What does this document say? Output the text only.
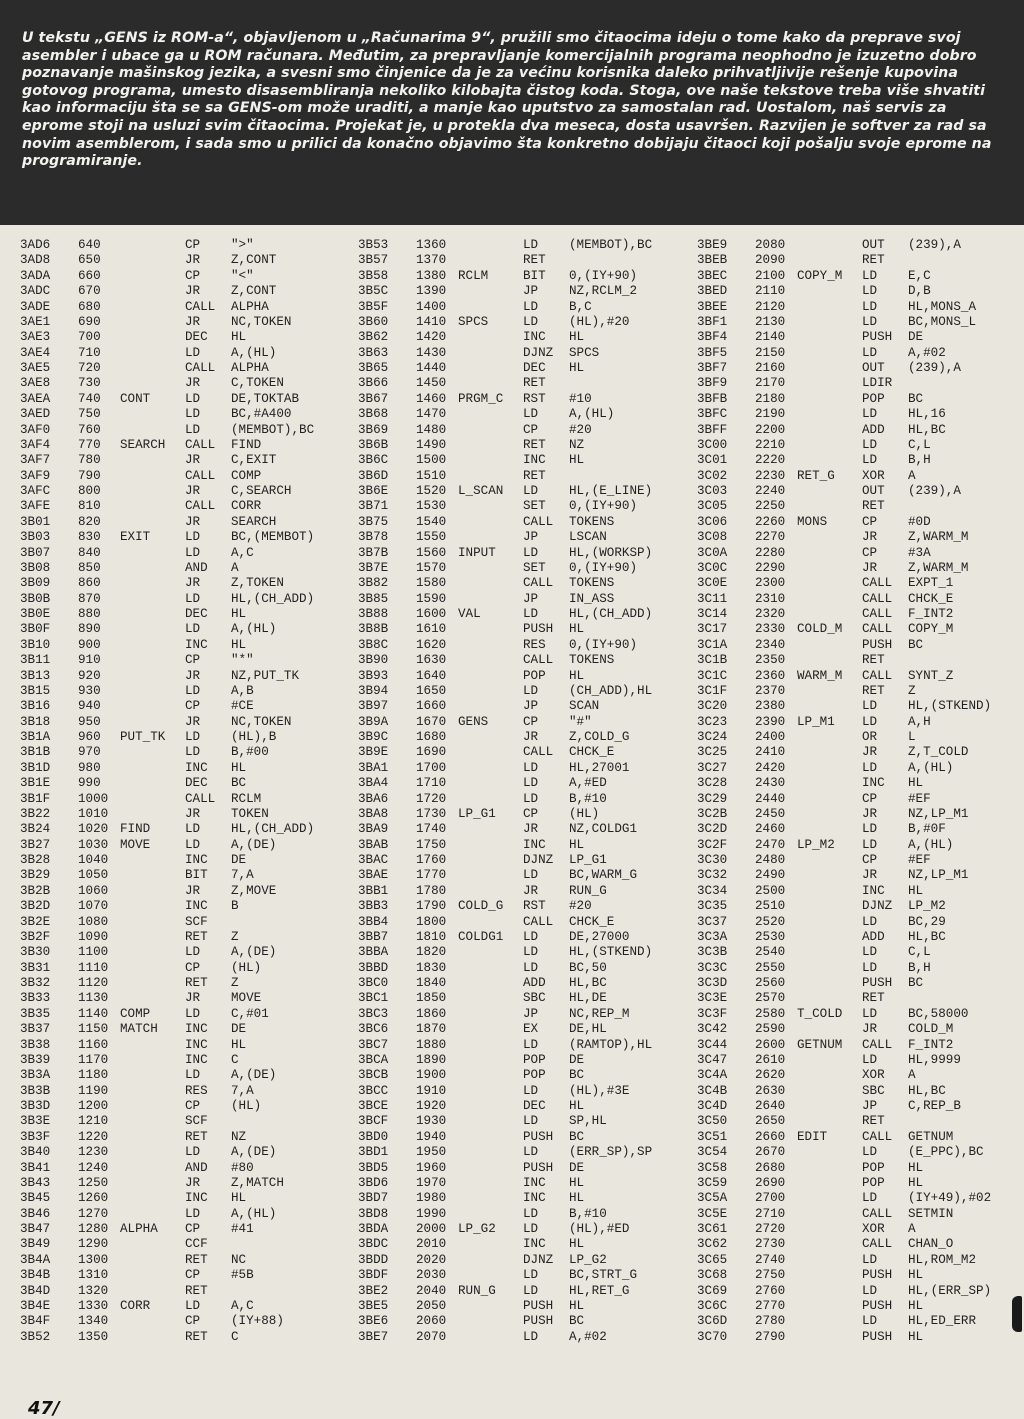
U tekstu „GENS iz ROM-a“, objavljenom u „Računarima 9“, pružili smo čitaocima ideju o tome kako da preprave svoj asembler i ubace ga u ROM računara. Međutim, za prepravljanje komercijalnih programa neophodno je izuzetno dobro poznavanje mašinskog jezika, a svesni smo činjenice da je za većinu korisnika daleko prihvatljivije rešenje kupovina gotovog programa, umesto disasembliranja nekoliko kilobajta čistog koda. Stoga, ove naše tekstove treba više shvatiti kao informaciju šta se sa GENS-om može uraditi, a manje kao uputstvo za samostalan rad. Uostalom, naš servis za eprome stoji na usluzi svim čitaocima. Projekat je, u protekla dva meseca, dosta usavršen. Razvijen je softver za rad sa novim asemblerom, i sada smo u prilici da konačno objavimo šta konkretno dobijaju čitaoci koji pošalju svoje eprome na programiranje.

3AD6 640	CP ">"
3AD8 650	JR Z,CONT
3ADA 660	CP "<"
3ADC 670	JR Z,CONT
3ADE 680	CALL ALPHA
3AE1 690	JR NC,TOKEN
3AE3 700	DEC HL
3AE4 710	LD A,(HL)
3AE5 720	CALL ALPHA
3AE8 730	JR C,TOKEN
3AEA 740 CONT	LD DE,TOKTAB
3AED 750	LD BC,#A400
3AF0 760	LD (MEMBOT),BC
3AF4 770 SEARCH CALL FIND
3AF7 780	JR C,EXIT
3AF9 790	CALL COMP
3AFC 800	JR C,SEARCH
3AFE 810	CALL CORR
3B01 820	JR SEARCH
3B03 830 EXIT	LD BC,(MEMBOT)
3B07 840	LD A,C
3B08 850	AND A
3B09 860	JR Z,TOKEN
3B0B 870	LD HL,(CH_ADD)
3B0E 880	DEC HL
3B0F 890	LD A,(HL)
3B10 900	INC HL
3B11 910	CP "*"
3B13 920	JR NZ,PUT_TK
3B15 930	LD A,B
3B16 940	CP #CE
3B18 950	JR NC,TOKEN
3B1A 960 PUT_TK LD (HL),B
3B1B 970	LD B,#00
3B1D 980	INC HL
3B1E 990	DEC BC
3B1F 1000	CALL RCLM
3B22 1010	JR TOKEN
3B24 1020 FIND	LD HL,(CH_ADD)
3B27 1030 MOVE	LD A,(DE)
3B28 1040	INC DE
3B29 1050	BIT 7,A
3B2B 1060	JR Z,MOVE
3B2D 1070	INC B
3B2E 1080	SCF
3B2F 1090	RET Z
3B30 1100	LD A,(DE)
3B31 1110	CP (HL)
3B32 1120	RET Z
3B33 1130	JR MOVE
3B35 1140 COMP	LD C,#01
3B37 1150 MATCH INC DE
3B38 1160	INC HL
3B39 1170	INC C
3B3A 1180	LD A,(DE)
3B3B 1190	RES 7,A
3B3D 1200	CP (HL)
3B3E 1210	SCF
3B3F 1220	RET NZ
3B40 1230	LD A,(DE)
3B41 1240	AND #80
3B43 1250	JR Z,MATCH
3B45 1260	INC HL
3B46 1270	LD A,(HL)
3B47 1280 ALPHA CP #41
3B49 1290	CCF
3B4A 1300	RET NC
3B4B 1310	CP #5B
3B4D 1320	RET
3B4E 1330 CORR	LD A,C
3B4F 1340	CP (IY+88)
3B52 1350	RET C
3B53 1360	LD (MEMBOT),BC
3B57 1370	RET
3B58 1380 RCLM	BIT 0,(IY+90)
3B5C 1390	JP NZ,RCLM_2
3B5F 1400	LD B,C
3B60 1410 SPCS	LD (HL),#20
3B62 1420	INC HL
3B63 1430	DJNZ SPCS
3B65 1440	DEC HL
3B66 1450	RET
3B67 1460 PRGM_C RST #10
3B68 1470	LD A,(HL)
3B69 1480	CP #20
3B6B 1490	RET NZ
3B6C 1500	INC HL
3B6D 1510	RET
3B6E 1520 L_SCAN LD HL,(E_LINE)
3B71 1530	SET 0,(IY+90)
3B75 1540	CALL TOKENS
3B78 1550	JP LSCAN
3B7B 1560 INPUT LD HL,(WORKSP)
3B7E 1570	SET 0,(IY+90)
3B82 1580	CALL TOKENS
3B85 1590	JP IN_ASS
3B88 1600 VAL	LD HL,(CH_ADD)
3B8B 1610	PUSH HL
3B8C 1620	RES 0,(IY+90)
3B90 1630	CALL TOKENS
3B93 1640	POP HL
3B94 1650	LD (CH_ADD),HL
3B97 1660	JP SCAN
3B9A 1670 GENS	CP "#"
3B9C 1680	JR Z,COLD_G
3B9E 1690	CALL CHCK_E
3BA1 1700	LD HL,27001
3BA4 1710	LD A,#ED
3BA6 1720	LD B,#10
3BA8 1730 LP_G1 CP (HL)
3BA9 1740	JR NZ,COLDG1
3BAB 1750	INC HL
3BAC 1760	DJNZ LP_G1
3BAE 1770	LD BC,WARM_G
3BB1 1780	JR RUN_G
3BB3 1790 COLD_G RST #20
3BB4 1800	CALL CHCK_E
3BB7 1810 COLDG1 LD DE,27000
3BBA 1820	LD HL,(STKEND)
3BBD 1830	LD BC,50
3BC0 1840	ADD HL,BC
3BC1 1850	SBC HL,DE
3BC3 1860	JP NC,REP_M
3BC6 1870	EX DE,HL
3BC7 1880	LD (RAMTOP),HL
3BCA 1890	POP DE
3BCB 1900	POP BC
3BCC 1910	LD (HL),#3E
3BCE 1920	DEC HL
3BCF 1930	LD SP,HL
3BD0 1940	PUSH BC
3BD1 1950	LD (ERR_SP),SP
3BD5 1960	PUSH DE
3BD6 1970	INC HL
3BD7 1980	INC HL
3BD8 1990	LD B,#10
3BDA 2000 LP_G2 LD (HL),#ED
3BDC 2010	INC HL
3BDD 2020	DJNZ LP_G2
3BDF 2030	LD BC,STRT_G
3BE2 2040 RUN_G LD HL,RET_G
3BE5 2050	PUSH HL
3BE6 2060	PUSH BC
3BE7 2070	LD A,#02
3BE9 2080	OUT (239),A
3BEB 2090	RET
3BEC 2100 COPY_M LD E,C
3BED 2110	LD D,B
3BEE 2120	LD HL,MONS_A
3BF1 2130	LD BC,MONS_L
3BF4 2140	PUSH DE
3BF5 2150	LD A,#02
3BF7 2160	OUT (239),A
3BF9 2170	LDIR
3BFB 2180	POP BC
3BFC 2190	LD HL,16
3BFF 2200	ADD HL,BC
3C00 2210	LD C,L
3C01 2220	LD B,H
3C02 2230 RET_G XOR A
3C03 2240	OUT (239),A
3C05 2250	RET
3C06 2260 MONS	CP #0D
3C08 2270	JR Z,WARM_M
3C0A 2280	CP #3A
3C0C 2290	JR Z,WARM_M
3C0E 2300	CALL EXPT_1
3C11 2310	CALL CHCK_E
3C14 2320	CALL F_INT2
3C17 2330 COLD_M CALL COPY_M
3C1A 2340	PUSH BC
3C1B 2350	RET
3C1C 2360 WARM_M CALL SYNT_Z
3C1F 2370	RET Z
3C20 2380	LD HL,(STKEND)
3C23 2390 LP_M1 LD A,H
3C24 2400	OR L
3C25 2410	JR Z,T_COLD
3C27 2420	LD A,(HL)
3C28 2430	INC HL
3C29 2440	CP #EF
3C2B 2450	JR NZ,LP_M1
3C2D 2460	LD B,#0F
3C2F 2470 LP_M2 LD A,(HL)
3C30 2480	CP #EF
3C32 2490	JR NZ,LP_M1
3C34 2500	INC HL
3C35 2510	DJNZ LP_M2
3C37 2520	LD BC,29
3C3A 2530	ADD HL,BC
3C3B 2540	LD C,L
3C3C 2550	LD B,H
3C3D 2560	PUSH BC
3C3E 2570	RET
3C3F 2580 T_COLD LD BC,58000
3C42 2590	JR COLD_M
3C44 2600 GETNUM CALL F_INT2
3C47 2610	LD HL,9999
3C4A 2620	XOR A
3C4B 2630	SBC HL,BC
3C4D 2640	JP C,REP_B
3C50 2650	RET
3C51 2660 EDIT	CALL GETNUM
3C54 2670	LD (E_PPC),BC
3C58 2680	POP HL
3C59 2690	POP HL
3C5A 2700	LD (IY+49),#02
3C5E 2710	CALL SETMIN
3C61 2720	XOR A
3C62 2730	CALL CHAN_O
3C65 2740	LD HL,ROM_M2
3C68 2750	PUSH HL
3C69 2760	LD HL,(ERR_SP)
3C6C 2770	PUSH HL
3C6D 2780	LD HL,ED_ERR
3C70 2790	PUSH HL
47/
